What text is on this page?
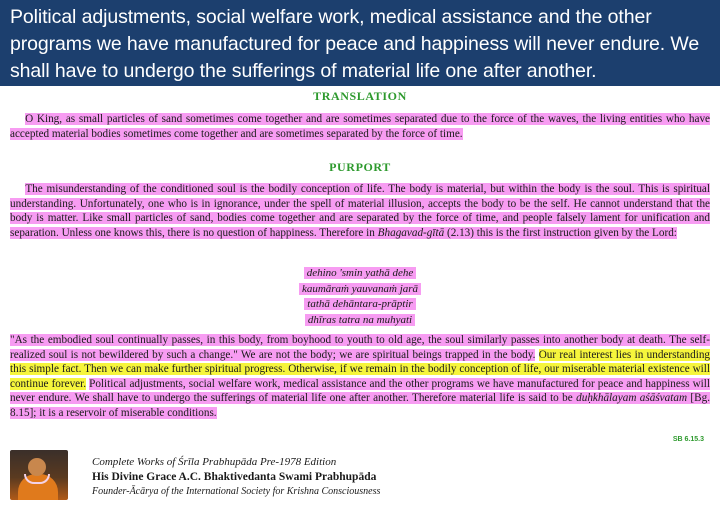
Political adjustments, social welfare work, medical assistance and the other programs we have manufactured for peace and happiness will never endure. We shall have to undergo the sufferings of material life one after another.
TRANSLATION
O King, as small particles of sand sometimes come together and are sometimes separated due to the force of the waves, the living entities who have accepted material bodies sometimes come together and are sometimes separated by the force of time.
PURPORT
The misunderstanding of the conditioned soul is the bodily conception of life. The body is material, but within the body is the soul. This is spiritual understanding. Unfortunately, one who is in ignorance, under the spell of material illusion, accepts the body to be the self. He cannot understand that the body is matter. Like small particles of sand, bodies come together and are separated by the force of time, and people falsely lament for unification and separation. Unless one knows this, there is no question of happiness. Therefore in Bhagavad-gītā (2.13) this is the first instruction given by the Lord:
dehino 'smin yathā dehe
kaumāraṁ yauvanaṁ jarā
tathā dehāntara-prāptir
dhīras tatra na muhyati
"As the embodied soul continually passes, in this body, from boyhood to youth to old age, the soul similarly passes into another body at death. The self-realized soul is not bewildered by such a change." We are not the body; we are spiritual beings trapped in the body. Our real interest lies in understanding this simple fact. Then we can make further spiritual progress. Otherwise, if we remain in the bodily conception of life, our miserable material existence will continue forever. Political adjustments, social welfare work, medical assistance and the other programs we have manufactured for peace and happiness will never endure. We shall have to undergo the sufferings of material life one after another. Therefore material life is said to be duḥkhālayam aśāśvatam [Bg. 8.15]; it is a reservoir of miserable conditions.
SB 6.15.3
Complete Works of Śrīla Prabhupāda Pre-1978 Edition
His Divine Grace A.C. Bhaktivedanta Swami Prabhupāda
Founder-Ācārya of the International Society for Krishna Consciousness
